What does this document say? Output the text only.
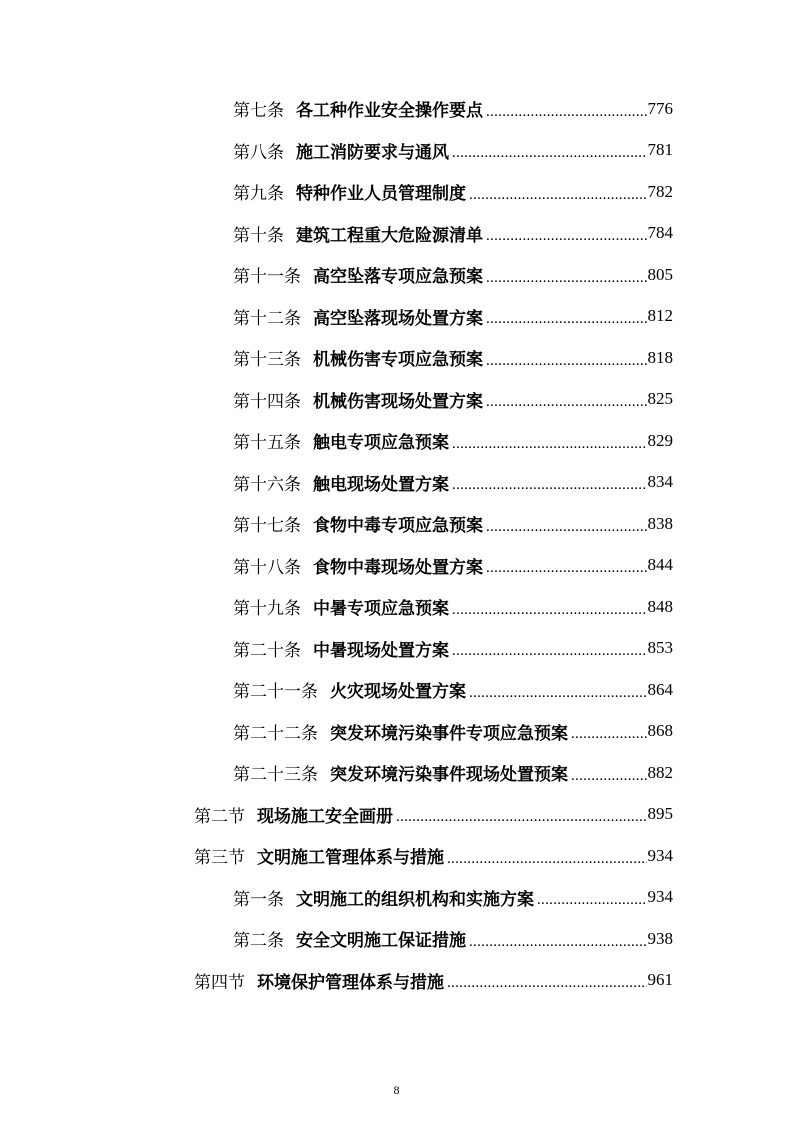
第七条 各工种作业安全操作要点 .....	776
第八条 施工消防要求与通风 .....	781
第九条 特种作业人员管理制度 .....	782
第十条 建筑工程重大危险源清单 .....	784
第十一条 高空坠落专项应急预案 .....	805
第十二条 高空坠落现场处置方案 .....	812
第十三条 机械伤害专项应急预案 .....	818
第十四条 机械伤害现场处置方案 .....	825
第十五条 触电专项应急预案 .....	829
第十六条 触电现场处置方案 .....	834
第十七条 食物中毒专项应急预案 .....	838
第十八条 食物中毒现场处置方案 .....	844
第十九条 中暑专项应急预案 .....	848
第二十条 中暑现场处置方案 .....	853
第二十一条 火灾现场处置方案 .....	864
第二十二条 突发环境污染事件专项应急预案 .....	868
第二十三条 突发环境污染事件现场处置预案 .....	882
第二节 现场施工安全画册 .....	895
第三节 文明施工管理体系与措施 .....	934
第一条 文明施工的组织机构和实施方案 .....	934
第二条 安全文明施工保证措施 .....	938
第四节 环境保护管理体系与措施 .....	961
8
